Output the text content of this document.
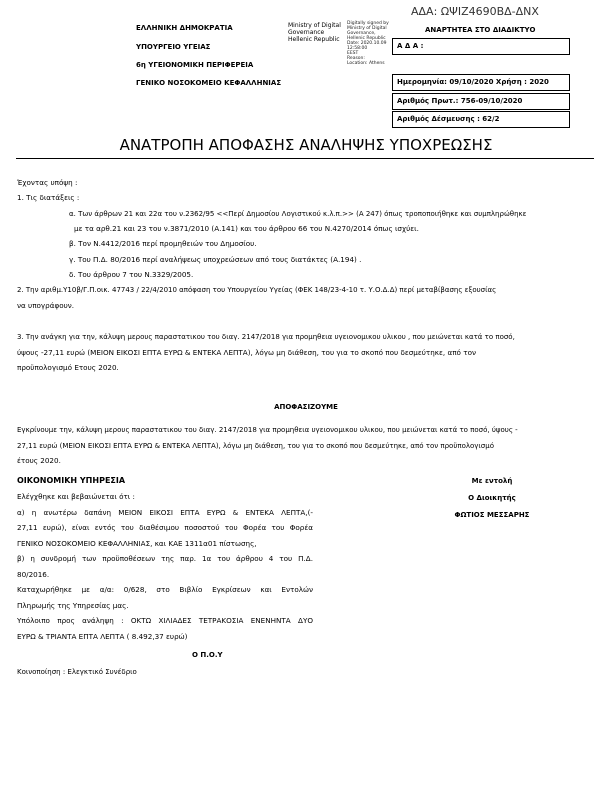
ΑΔΑ: ΩΨΙΖ4690ΒΔ-ΔΝΧ
ΕΛΛΗΝΙΚΗ ΔΗΜΟΚΡΑΤΙΑ
ΥΠΟΥΡΓΕΙΟ ΥΓΕΙΑΣ
6η ΥΓΕΙΟΝΟΜΙΚΗ ΠΕΡΙΦΕΡΕΙΑ
ΓΕΝΙΚΟ ΝΟΣΟΚΟΜΕΙΟ ΚΕΦΑΛΛΗΝΙΑΣ
Ministry of Digital
Governance
Hellenic Republic
Digitally signed by
Ministry of Digital
Governance,
Hellenic Republic
Date: 2020.10.09
12:58:00
EEST
Reason:
Location: Athens
ΑΝΑΡΤΗΤΕΑ ΣΤΟ ΔΙΑΔΙΚΤΥΟ
Α Δ Α :
Ημερομηνία: 09/10/2020 Χρήση : 2020
Αριθμός Πρωτ.: 756-09/10/2020
Αριθμός Δέσμευσης : 62/2
ΑΝΑΤΡΟΠΗ ΑΠΟΦΑΣΗΣ ΑΝΑΛΗΨΗΣ ΥΠΟΧΡΕΩΣΗΣ
Έχοντας υπόψη :
1. Τις διατάξεις :
α. Των άρθρων 21 και 22α του ν.2362/95 <<Περί Δημοσίου Λογιστικού κ.λ.π.>> (Α 247) όπως τροποποιήθηκε και συμπληρώθηκε
με τα αρθ.21 και 23 του ν.3871/2010 (Α.141) και του άρθρου 66 του Ν.4270/2014 όπως ισχύει.
β. Τον Ν.4412/2016 περί προμηθειών του Δημοσίου.
γ. Του Π.Δ. 80/2016 περί αναλήψεως υποχρεώσεων από τους διατάκτες (Α.194) .
δ. Του άρθρου 7 του Ν.3329/2005.
2. Την αριθμ.Υ10β/Γ.Π.οικ. 47743 / 22/4/2010 απόφαση του Υπουργείου Υγείας (ΦΕΚ 148/23-4-10 τ. Υ.Ο.Δ.Δ) περί μεταβίβασης εξουσίας
να υπογράφουν.
3. Την ανάγκη για την, κάλυψη μερους παραστατικου του διαγ. 2147/2018 για προμηθεια υγειονομικου υλικου , που μειώνεται κατά το ποσό,
ύψους -27,11 ευρώ (ΜΕΙΟΝ ΕΙΚΟΣΙ ΕΠΤΑ ΕΥΡΩ & ΕΝΤΕΚΑ ΛΕΠΤΑ), λόγω μη διάθεση, του για το σκοπό που δεσμεύτηκε, από τον
προϋπολογισμό Ετους 2020.
ΑΠΟΦΑΣΙΖΟΥΜΕ
Εγκρίνουμε την, κάλυψη μερους παραστατικου του διαγ. 2147/2018 για προμηθεια υγειονομικου υλικου, που μειώνεται κατά το ποσό, ύψους -
27,11 ευρώ (ΜΕΙΟΝ ΕΙΚΟΣΙ ΕΠΤΑ ΕΥΡΩ & ΕΝΤΕΚΑ ΛΕΠΤΑ), λόγω μη διάθεση, του για το σκοπό που δεσμεύτηκε, από τον προϋπολογισμό
έτους 2020.
ΟΙΚΟΝΟΜΙΚΗ ΥΠΗΡΕΣΙΑ
Ελέγχθηκε και βεβαιώνεται ότι :
α) η ανωτέρω δαπάνη ΜΕΙΟΝ ΕΙΚΟΣΙ ΕΠΤΑ ΕΥΡΩ & ΕΝΤΕΚΑ ΛΕΠΤΑ,(-
27,11 ευρώ), είναι εντός του διαθέσιμου ποσοστού του Φορέα του Φορέα
ΓΕΝΙΚΟ ΝΟΣΟΚΟΜΕΙΟ ΚΕΦΑΛΛΗΝΙΑΣ, και ΚΑΕ 1311α01 πίστωσης,
β) η συνδρομή των προϋποθέσεων της παρ. 1α του άρθρου 4 του Π.Δ.
80/2016.
Καταχωρήθηκε με α/α: 0/628, στο Βιβλίο Εγκρίσεων και Εντολών
Πληρωμής της Υπηρεσίας μας.
Υπόλοιπο προς ανάληψη : ΟΚΤΩ ΧΙΛΙΑΔΕΣ ΤΕΤΡΑΚΟΣΙΑ ΕΝΕΝΗΝΤΑ ΔΥΟ
ΕΥΡΩ & ΤΡΙΑΝΤΑ ΕΠΤΑ ΛΕΠΤΑ ( 8.492,37 ευρώ)
Ο Π.Ο.Υ
Με εντολή
Ο Διοικητής
ΦΩΤΙΟΣ ΜΕΣΣΑΡΗΣ
Κοινοποίηση : Ελεγκτικό Συνέδριο
